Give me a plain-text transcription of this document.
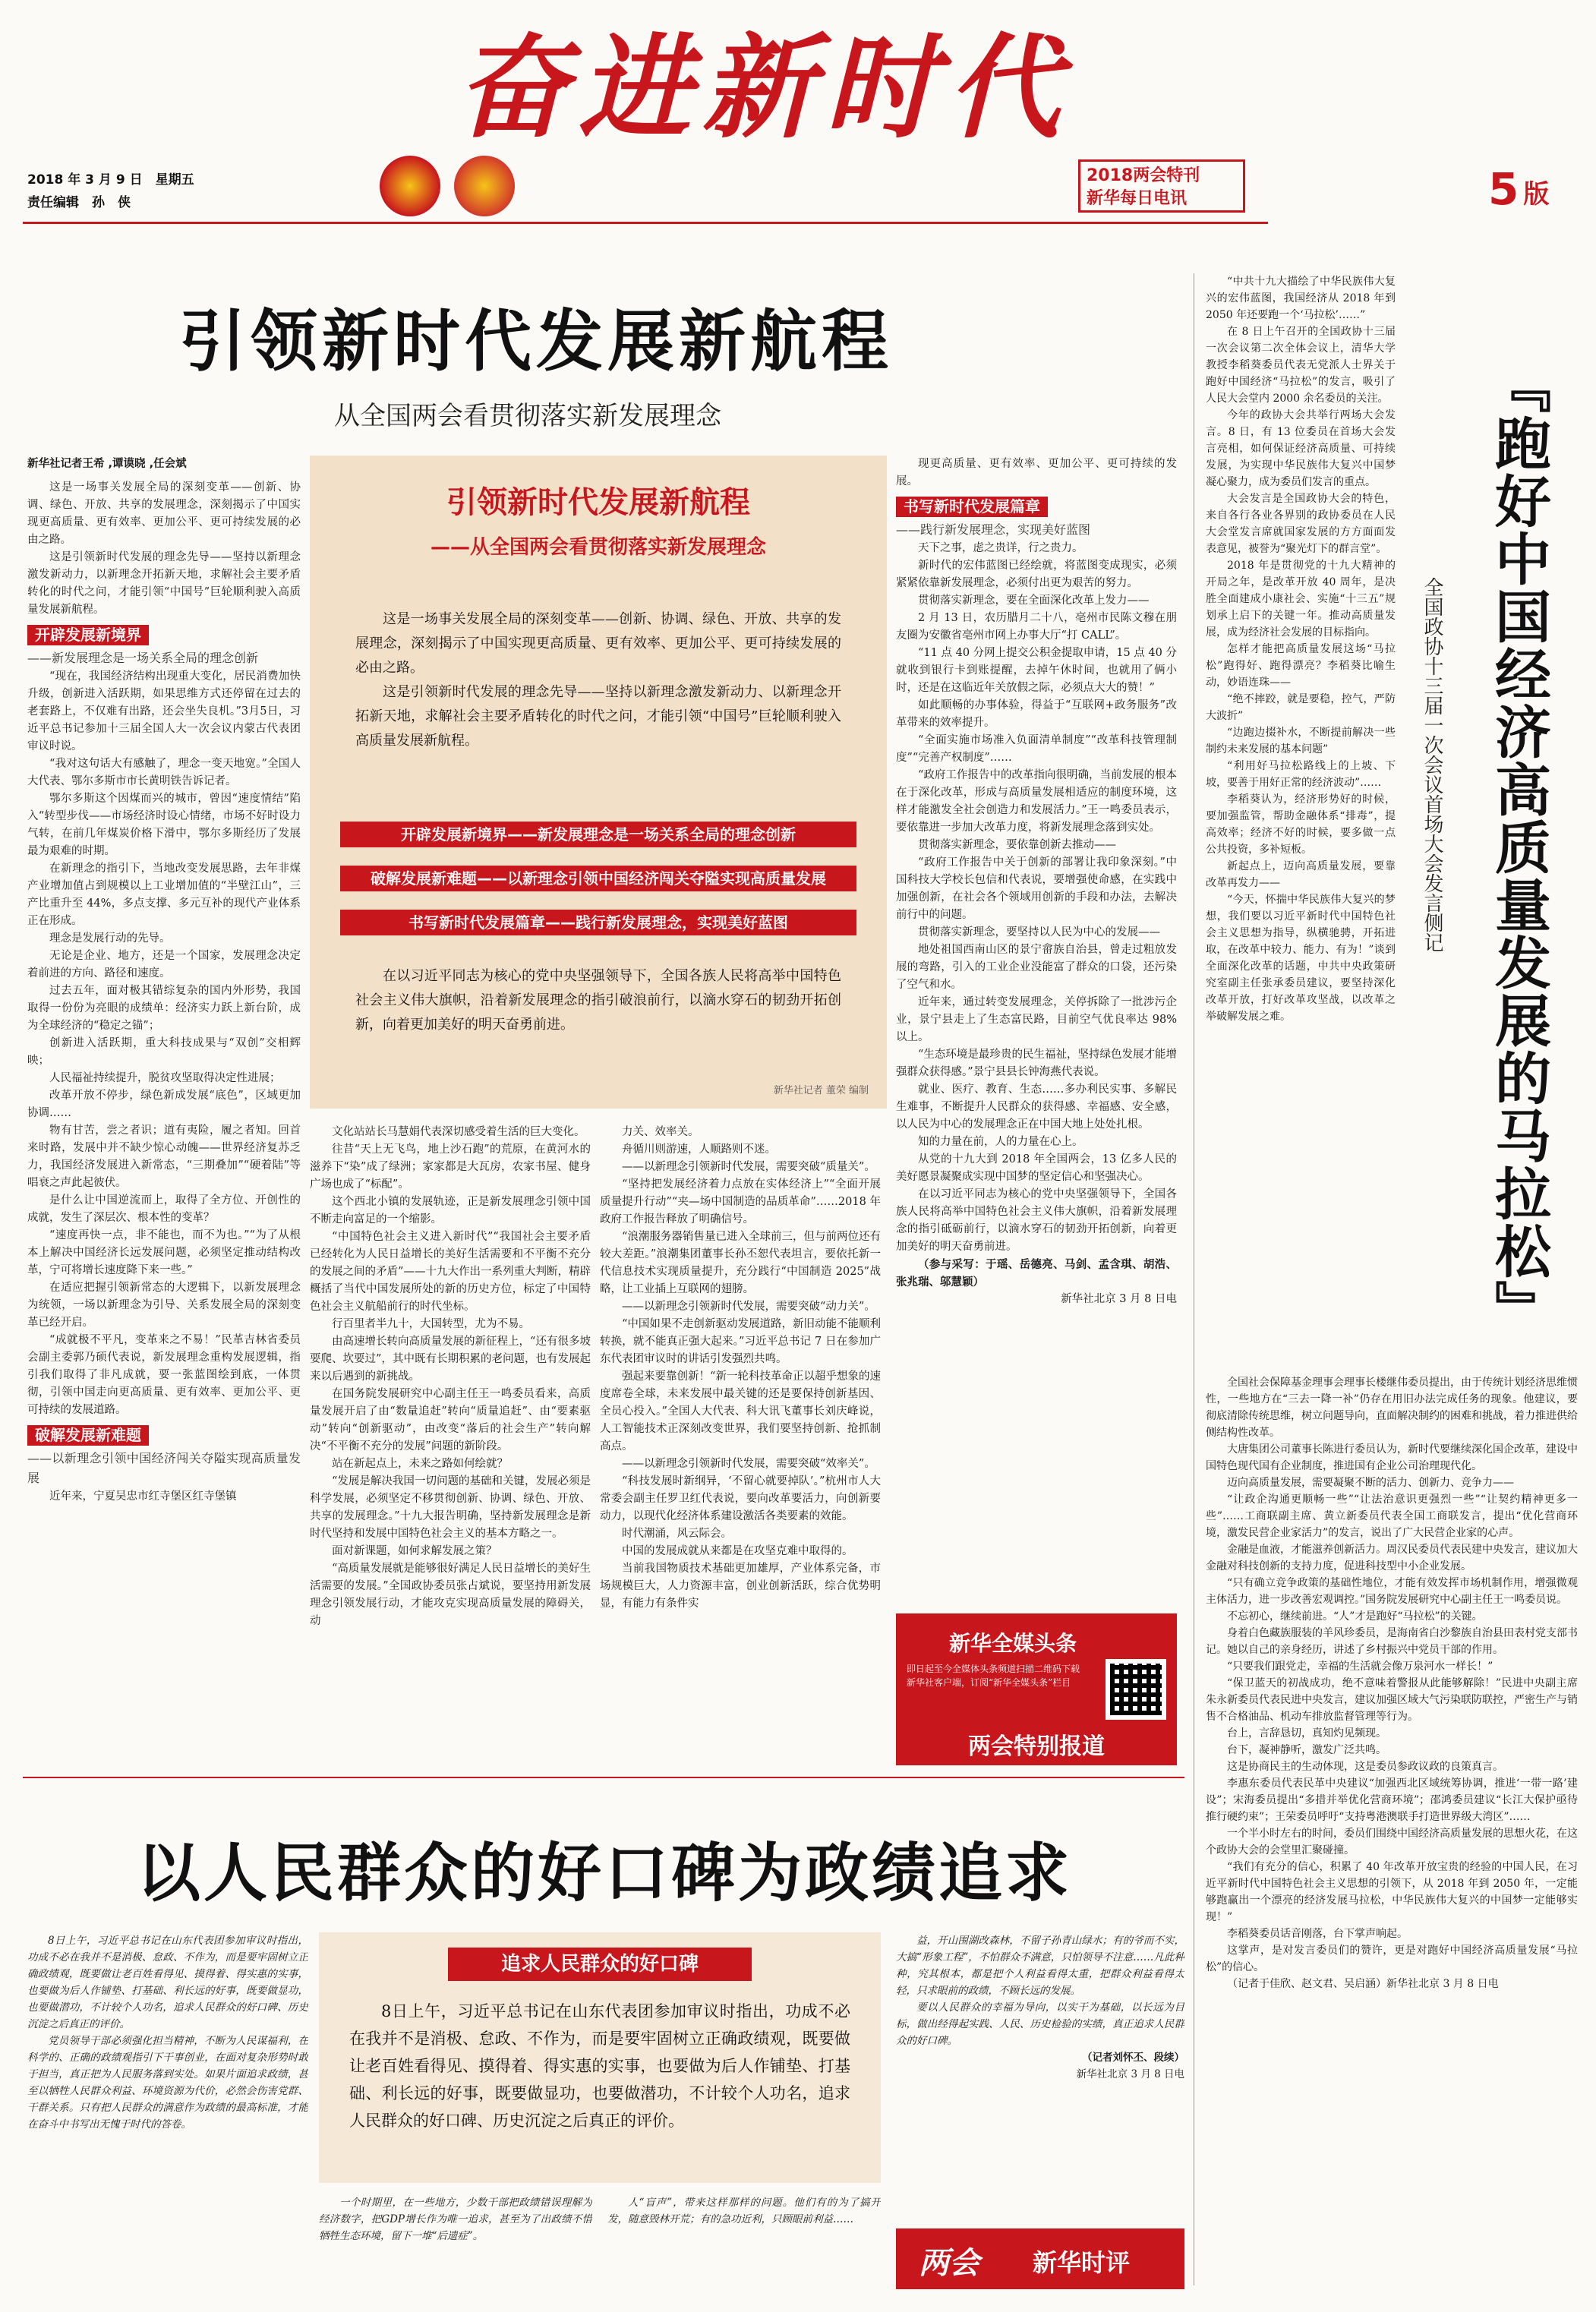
奋进新时代
2018 年 3 月 9 日　星期五
责任编辑　孙　侠
2018两会特刊
新华每日电讯	5 版
引领新时代发展新航程
从全国两会看贯彻落实新发展理念
新华社记者王希 ,谭谟晓 ,任会斌

这是一场事关发展全局的深刻变革——创新、协调、绿色、开放、共享的发展理念，深刻揭示了中国实现更高质量、更有效率、更加公平、更可持续发展的必由之路。

这是引领新时代发展的理念先导——坚持以新理念激发新动力，以新理念开拓新天地，求解社会主要矛盾转化的时代之问，才能引领“中国号”巨轮顺利驶入高质量发展新航程。

开辟发展新境界
——新发展理念是一场关系全局的理念创新

“现在，我国经济结构出现重大变化，居民消费加快升级，创新进入活跃期，如果思维方式还停留在过去的老套路上，不仅难有出路，还会坐失良机。”3月5日，习近平总书记参加十三届全国人大一次会议内蒙古代表团审议时说。

“我对这句话大有感触了，理念一变天地宽。”全国人大代表、鄂尔多斯市市长黄明铁告诉记者。

鄂尔多斯这个因煤而兴的城市，曾因“速度情结”陷入“转型步伐——市场经济时设心情绪，市场不好时设力气转，在前几年煤炭价格下滑中，鄂尔多斯经历了发展最为艰难的时期。

在新理念的指引下，当地改变发展思路，去年非煤产业增加值占到规模以上工业增加值的“半壁江山”，三产比重升至 44%，多点支撑、多元互补的现代产业体系正在形成。

理念是发展行动的先导。

无论是企业、地方，还是一个国家，发展理念决定着前进的方向、路径和速度。

过去五年，面对极其错综复杂的国内外形势，我国取得一份份为亮眼的成绩单：经济实力跃上新台阶，成为全球经济的“稳定之锚”；

创新进入活跃期，重大科技成果与“双创”交相辉映；

人民福祉持续提升，脱贫攻坚取得决定性进展；

改革开放不停步，绿色新成发展“底色”，区域更加协调……

物有甘苦，尝之者识；道有夷险，履之者知。回首来时路，发展中并不缺少惊心动魄——世界经济复苏乏力，我国经济发展进入新常态，“三期叠加”“硬着陆”等唱衰之声此起彼伏。

是什么让中国逆流而上，取得了全方位、开创性的成就，发生了深层次、根本性的变革？

“速度再快一点，非不能也，而不为也。”“为了从根本上解决中国经济长远发展问题，必须坚定推动结构改革，宁可将增长速度降下来一些。”

在适应把握引领新常态的大逻辑下，以新发展理念为统领，一场以新理念为引导、关系发展全局的深刻变革已经开启。

“成就极不平凡，变革来之不易！”民革吉林省委员会副主委郭乃硕代表说，新发展理念重构发展逻辑，指引我们取得了非凡成就，要一张蓝图绘到底，一体贯彻，引领中国走向更高质量、更有效率、更加公平、更可持续的发展道路。

破解发展新难题
——以新理念引领中国经济闯关夺隘实现高质量发展

近年来，宁夏吴忠市红寺堡区红寺堡镇

引领新时代发展新航程
——从全国两会看贯彻落实新发展理念

这是一场事关发展全局的深刻变革——创新、协调、绿色、开放、共享的发展理念，深刻揭示了中国实现更高质量、更有效率、更加公平、更可持续发展的必由之路。

这是引领新时代发展的理念先导——坚持以新理念激发新动力、以新理念开拓新天地，求解社会主要矛盾转化的时代之问，才能引领“中国号”巨轮顺利驶入高质量发展新航程。

开辟发展新境界——新发展理念是一场关系全局的理念创新
破解发展新难题——以新理念引领中国经济闯关夺隘实现高质量发展
书写新时代发展篇章——践行新发展理念，实现美好蓝图
在以习近平同志为核心的党中央坚强领导下，全国各族人民将高举中国特色社会主义伟大旗帜，沿着新发展理念的指引破浪前行，以滴水穿石的韧劲开拓创新，向着更加美好的明天奋勇前进。
新华社记者 董荣 编制

文化站站长马慧娟代表深切感受着生活的巨大变化。

往昔“天上无飞鸟，地上沙石跑”的荒原，在黄河水的滋养下“染”成了绿洲；家家都是大瓦房，农家书屋、健身广场也成了“标配”。

这个西北小镇的发展轨迹，正是新发展理念引领中国不断走向富足的一个缩影。

“中国特色社会主义进入新时代”“我国社会主要矛盾已经转化为人民日益增长的美好生活需要和不平衡不充分的发展之间的矛盾”——十九大作出一系列重大判断，精辟概括了当代中国发展所处的新的历史方位，标定了中国特色社会主义航船前行的时代坐标。

行百里者半九十，大国转型，尤为不易。

由高速增长转向高质量发展的新征程上，“还有很多坡要爬、坎要过”，其中既有长期积累的老问题，也有发展起来以后遇到的新挑战。

在国务院发展研究中心副主任王一鸣委员看来，高质量发展开启了由“数量追赶”转向“质量追赶”、由“要素驱动”转向“创新驱动”，由改变“落后的社会生产”转向解决“不平衡不充分的发展”问题的新阶段。

站在新起点上，未来之路如何绘就？

“发展是解决我国一切问题的基础和关键，发展必须是科学发展，必须坚定不移贯彻创新、协调、绿色、开放、共享的发展理念。”十九大报告明确，坚持新发展理念是新时代坚持和发展中国特色社会主义的基本方略之一。

面对新课题，如何求解发展之策？

“高质量发展就是能够很好满足人民日益增长的美好生活需要的发展。”全国政协委员张占斌说，要坚持用新发展理念引领发展行动，才能攻克实现高质量发展的障碍关，动

力关、效率关。

舟循川则游速，人顺路则不迷。

——以新理念引领新时代发展，需要突破“质量关”。

“坚持把发展经济着力点放在实体经济上”“全面开展质量提升行动”“夹—场中国制造的品质革命”……2018 年政府工作报告释放了明确信号。

“浪潮服务器销售量已进入全球前三，但与前两位还有较大差距。”浪潮集团董事长孙丕恕代表坦言，要依托新一代信息技术实现质量提升，充分践行“中国制造 2025”战略，让工业插上互联网的翅膀。

——以新理念引领新时代发展，需要突破“动力关”。

“中国如果不走创新驱动发展道路，新旧动能不能顺利转换，就不能真正强大起来。”习近平总书记 7 日在参加广东代表团审议时的讲话引发强烈共鸣。

强起来要靠创新！“新一轮科技革命正以超乎想象的速度席卷全球，未来发展中最关键的还是要保持创新基因、全员心投入。”全国人大代表、科大讯飞董事长刘庆峰说，人工智能技术正深刻改变世界，我们要坚持创新、抢抓制高点。

——以新理念引领新时代发展，需要突破“效率关”。

“科技发展时新纲异，‘不留心就要掉队’。”杭州市人大常委会副主任罗卫红代表说，要向改革要活力，向创新要动力，以现代化经济体系建设激活各类要素的效能。

时代潮涌，风云际会。

中国的发展成就从来都是在攻坚克难中取得的。

当前我国物质技术基础更加雄厚，产业体系完备，市场规模巨大，人力资源丰富，创业创新活跃，综合优势明显，有能力有条件实

现更高质量、更有效率、更加公平、更可持续的发展。

书写新时代发展篇章
——践行新发展理念，实现美好蓝图

天下之事，虑之贵详，行之贵力。

新时代的宏伟蓝图已经绘就，将蓝图变成现实，必须紧紧依靠新发展理念，必须付出更为艰苦的努力。

贯彻落实新理念，要在全面深化改革上发力——

2 月 13 日，农历腊月二十八，亳州市民陈文穆在朋友圈为安徽省亳州市网上办事大厅“打 CALL”。

“11 点 40 分网上提交公积金提取申请，15 点 40 分就收到银行卡到账提醒，去掉午休时间，也就用了俩小时，还是在这临近年关放假之际，必须点大大的赞！”

如此顺畅的办事体验，得益于“互联网+政务服务”改革带来的效率提升。

“全面实施市场准入负面清单制度”“改革科技管理制度”“完善产权制度”……

“政府工作报告中的改革指向很明确，当前发展的根本在于深化改革，形成与高质量发展相适应的制度环境，这样才能激发全社会创造力和发展活力。”王一鸣委员表示，要依靠进一步加大改革力度，将新发展理念落到实处。

贯彻落实新理念，要依靠创新去推动——

“政府工作报告中关于创新的部署让我印象深刻。”中国科技大学校长包信和代表说，要增强使命感，在实践中加强创新，在社会各个领域用创新的手段和办法，去解决前行中的问题。

贯彻落实新理念，要坚持以人民为中心的发展——

地处祖国西南山区的景宁畲族自治县，曾走过粗放发展的弯路，引入的工业企业没能富了群众的口袋，还污染了空气和水。

近年来，通过转变发展理念，关停拆除了一批涉污企业，景宁县走上了生态富民路，目前空气优良率达 98% 以上。

“生态环境是最珍贵的民生福祉，坚持绿色发展才能增强群众获得感。”景宁县县长钟海燕代表说。

就业、医疗、教育、生态……多办利民实事、多解民生难事，不断提升人民群众的获得感、幸福感、安全感，以人民为中心的发展理念正在中国大地上处处扎根。

知的力量在前，人的力量在心上。

从党的十九大到 2018 年全国两会，13 亿多人民的美好愿景凝聚成实现中国梦的坚定信心和坚强决心。

在以习近平同志为核心的党中央坚强领导下，全国各族人民将高举中国特色社会主义伟大旗帜，沿着新发展理念的指引砥砺前行，以滴水穿石的韧劲开拓创新，向着更加美好的明天奋勇前进。

（参与采写：于瑶、岳德亮、马剑、孟含琪、胡浩、张兆瑞、邬慧颖）

新华社北京 3 月 8 日电

新华全媒头条
即日起至今全媒体头条频道扫描二维码下载新华社客户端，订阅“新华全媒头条”栏目
两会特别报道
『跑好中国经济高质量发展的马拉松』
全国政协十三届一次会议首场大会发言侧记

“中共十九大描绘了中华民族伟大复兴的宏伟蓝图，我国经济从 2018 年到 2050 年还要跑一个‘马拉松’……”

在 8 日上午召开的全国政协十三届一次会议第二次全体会议上，清华大学教授李稻葵委员代表无党派人士界关于跑好中国经济“马拉松”的发言，吸引了人民大会堂内 2000 余名委员的关注。

今年的政协大会共举行两场大会发言。8 日，有 13 位委员在首场大会发言亮相，如何保证经济高质量、可持续发展，为实现中华民族伟大复兴中国梦凝心聚力，成为委员们发言的重点。

大会发言是全国政协大会的特色，来自各行各业各界别的政协委员在人民大会堂发言席就国家发展的方方面面发表意见，被誉为“聚光灯下的群言堂”。

2018 年是贯彻党的十九大精神的开局之年，是改革开放 40 周年，是决胜全面建成小康社会、实施“十三五”规划承上启下的关键一年。推动高质量发展，成为经济社会发展的目标指向。

怎样才能把高质量发展这场“马拉松”跑得好、跑得漂亮？李稻葵比喻生动，妙语连珠——

“绝不摔跤，就是要稳，控气，严防大波折”

“边跑边掇补水，不断提前解决一些制约未来发展的基本问题”

“利用好马拉松路线上的上坡、下坡，要善于用好正常的经济波动”……

李稻葵认为，经济形势好的时候，要加强监管，帮助金融体系“排毒”，提高效率；经济不好的时候，要多做一点公共投资，多补短板。

新起点上，迈向高质量发展，要靠改革再发力——

“今天，怀揣中华民族伟大复兴的梦想，我们要以习近平新时代中国特色社会主义思想为指导，纵横驰骋，开拓进取，在改革中较力、能力、有为！”谈到全面深化改革的话题，中共中央政策研究室副主任张承委员建议，要坚持深化改革开放，打好改革攻坚战，以改革之举破解发展之难。

全国社会保障基金理事会理事长楼继伟委员提出，由于传统计划经济思维惯性，一些地方在“三去一降一补”仍存在用旧办法完成任务的现象。他建议，要彻底清除传统思维，树立问题导向，直面解决制约的困难和挑战，着力推进供给侧结构性改革。

大唐集团公司董事长陈进行委员认为，新时代要继续深化国企改革，建设中国特色现代国有企业制度，推进国有企业公司治理现代化。

迈向高质量发展，需要凝聚不断的活力、创新力、竞争力——

“让政企沟通更顺畅一些”“让法治意识更强烈一些”“让契约精神更多一些”……工商联副主席、黄立新委员代表全国工商联发言，提出“优化营商环境，激发民营企业家活力”的发言，说出了广大民营企业家的心声。

金融是血液，才能滋养创新活力。周汉民委员代表民建中央发言，建议加大金融对科技创新的支持力度，促进科技型中小企业发展。

“只有确立竞争政策的基础性地位，才能有效发挥市场机制作用，增强微观主体活力，进一步改善宏观调控。”国务院发展研究中心副主任王一鸣委员说。

不忘初心，继续前进。“人”才是跑好“马拉松”的关键。

身着白色藏族服装的羊风珍委员，是海南省白沙黎族自治县田表村党支部书记。她以自己的亲身经历，讲述了乡村振兴中党员干部的作用。

“只要我们跟党走，幸福的生活就会像万泉河水一样长！”

“保卫蓝天的初战成功，绝不意味着警报从此能够解除！”民进中央副主席朱永新委员代表民进中央发言，建议加强区域大气污染联防联控，严密生产与销售不合格油品、机动车排放监督管理等行为。

台上，言辞恳切，真知灼见频现。

台下，凝神静听，激发广泛共鸣。

这是协商民主的生动体现，这是委员参政议政的良策真言。

李惠东委员代表民革中央建议“加强西北区域统筹协调，推进‘一带一路’建设”；宋海委员提出“多措并举优化营商环境”；邵鸿委员建议“长江大保护亟待推行硬约束”；王荣委员呼吁“支持粤港澳联手打造世界级大湾区”……

一个半小时左右的时间，委员们围绕中国经济高质量发展的思想火花，在这个政协大会的会堂里汇聚碰撞。

“我们有充分的信心，积累了 40 年改革开放宝贵的经验的中国人民，在习近平新时代中国特色社会主义思想的引领下，从 2018 年到 2050 年，一定能够跑赢出一个漂亮的经济发展马拉松，中华民族伟大复兴的中国梦一定能够实现！”

李稻葵委员话音刚落，台下掌声响起。

这掌声，是对发言委员们的赞许，更是对跑好中国经济高质量发展“马拉松”的信心。

（记者于佳欣、赵文君、吴启涵）新华社北京 3 月 8 日电

以人民群众的好口碑为政绩追求
追求人民群众的好口碑
8日上午，习近平总书记在山东代表团参加审议时指出，功成不必在我并不是消极、怠政、不作为，而是要牢固树立正确政绩观，既要做让老百姓看得见、摸得着、得实惠的实事，也要做为后人作铺垫、打基础、利长远的好事，既要做显功，也要做潜功，不计较个人功名，追求人民群众的好口碑、历史沉淀之后真正的评价。

8日上午，习近平总书记在山东代表团参加审议时指出，功成不必在我并不是消极、怠政、不作为，而是要牢固树立正确政绩观，既要做让老百姓看得见、摸得着、得实惠的实事，也要做为后人作铺垫、打基础、利长远的好事，既要做显功，也要做潜功，不计较个人功名，追求人民群众的好口碑、历史沉淀之后真正的评价。

党员领导干部必须强化担当精神，不断为人民谋福利，在科学的、正确的政绩观指引下干事创业，在面对复杂形势时敢于担当，真正把为人民服务落到实处。如果片面追求政绩，甚至以牺牲人民群众利益、环境资源为代价，必然会伤害党群、干群关系。只有把人民群众的满意作为政绩的最高标准，才能在奋斗中书写出无愧于时代的答卷。

一个时期里，在一些地方，少数干部把政绩错误理解为经济数字，把GDP增长作为唯一追求，甚至为了出政绩不惜牺牲生态环境，留下一堆“后遗症”。

人“盲声”，带来这样那样的问题。他们有的为了搞开发，随意毁林开荒；有的急功近利，只顾眼前利益……

益，开山围湖改森林，不留子孙青山绿水；有的爷而不实，大搞“形象工程”，不怕群众不满意，只怕领导不注意……凡此种种，究其根本，都是把个人利益看得太重，把群众利益看得太轻，只求眼前的政绩，不顾长远的发展。

要以人民群众的幸福为导向，以实干为基础，以长远为目标，做出经得起实践、人民、历史检验的实绩，真正追求人民群众的好口碑。

（记者刘怀丕、段续）

新华社北京 3 月 8 日电

两会 新华时评
